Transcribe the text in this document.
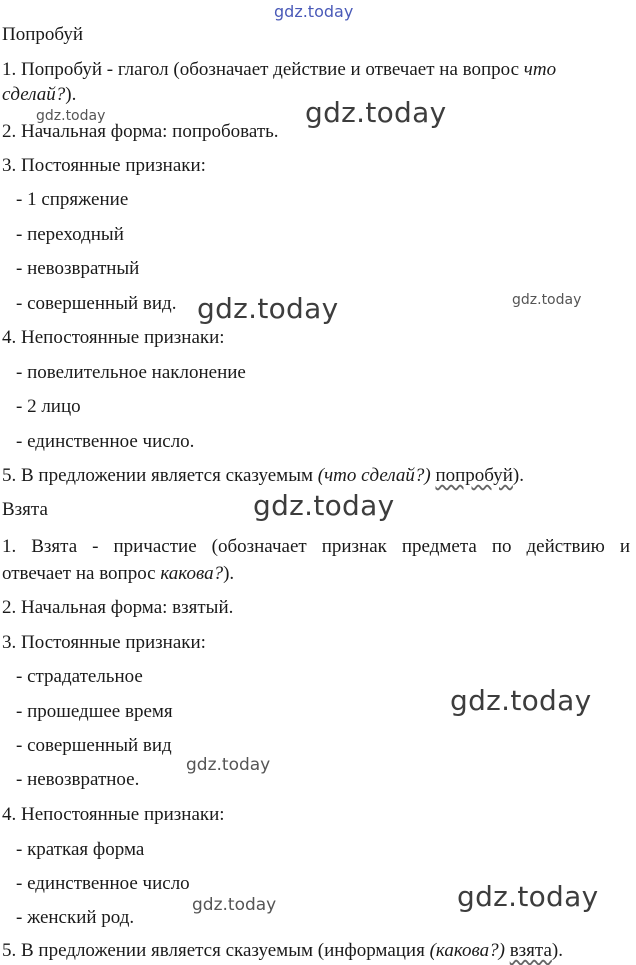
gdz.today
gdz.today	gdz.today
gdz.today	gdz.today
gdz.today
gdz.today
gdz.today
gdz.today
gdz.today
Попробуй
1. Попробуй - глагол (обозначает действие и отвечает на вопрос что
сделай?).
2. Начальная форма: попробовать.
3. Постоянные признаки:
- 1 спряжение
- переходный
- невозвратный
- совершенный вид.
4. Непостоянные признаки:
- повелительное наклонение
- 2 лицо
- единственное число.
5. В предложении является сказуемым (что сделай?) попробуй).
Взята
1. Взята - причастие (обозначает признак предмета по действию и
отвечает на вопрос какова?).
2. Начальная форма: взятый.
3. Постоянные признаки:
- страдательное
- прошедшее время
- совершенный вид
- невозвратное.
4. Непостоянные признаки:
- краткая форма
- единственное число
- женский род.
5. В предложении является сказуемым (информация (какова?) взята).
